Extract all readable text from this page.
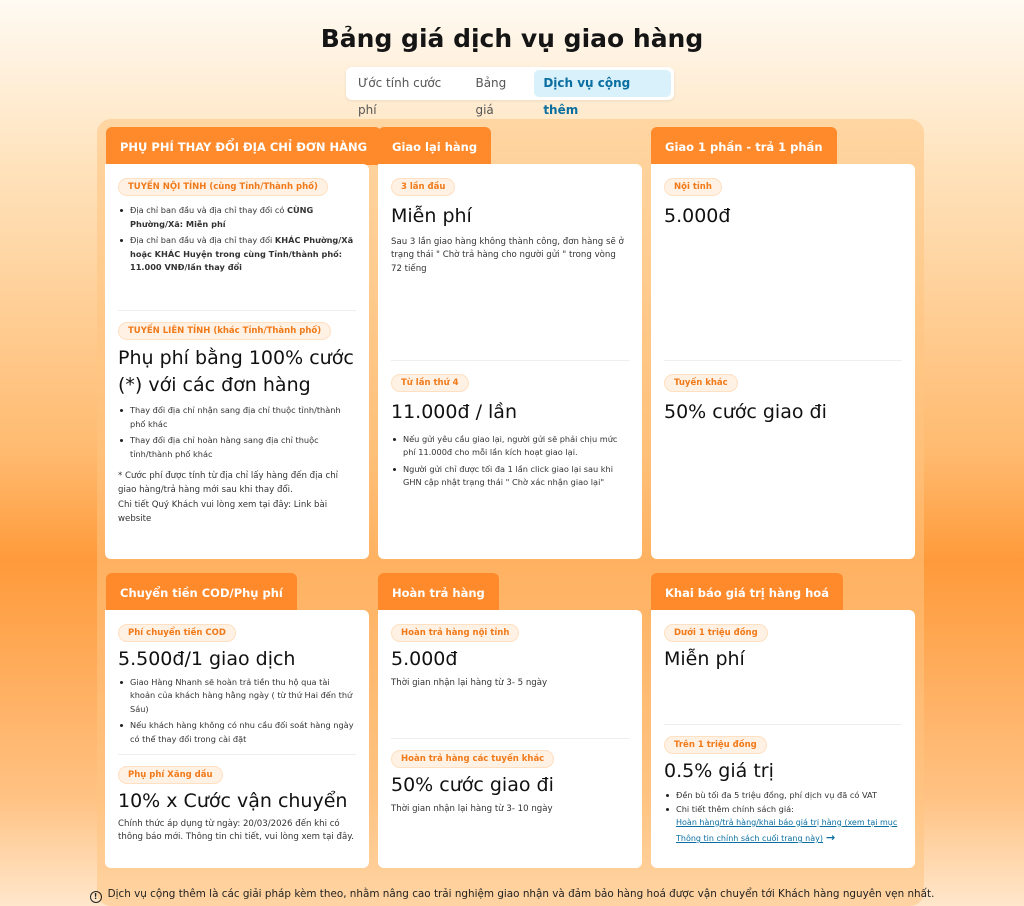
Bảng giá dịch vụ giao hàng
Ước tính cước phí
Bảng giá
Dịch vụ cộng thêm
PHỤ PHÍ THAY ĐỔI ĐỊA CHỈ ĐƠN HÀNG
TUYẾN NỘI TỈNH (cùng Tỉnh/Thành phố)
Địa chỉ ban đầu và địa chỉ thay đổi có CÙNG Phường/Xã: Miễn phí
Địa chỉ ban đầu và địa chỉ thay đổi KHÁC Phường/Xã hoặc KHÁC Huyện trong cùng Tỉnh/thành phố: 11.000 VNĐ/lần thay đổi
TUYẾN LIÊN TỈNH (khác Tỉnh/Thành phố)
Phụ phí bằng 100% cước (*) với các đơn hàng
Thay đổi địa chỉ nhận sang địa chỉ thuộc tỉnh/thành phố khác
Thay đổi địa chỉ hoàn hàng sang địa chỉ thuộc tỉnh/thành phố khác
* Cước phí được tính từ địa chỉ lấy hàng đến địa chỉ giao hàng/trả hàng mới sau khi thay đổi.
Chi tiết Quý Khách vui lòng xem tại đây: Link bài website
Giao lại hàng
3 lần đầu
Miễn phí
Sau 3 lần giao hàng không thành công, đơn hàng sẽ ở trạng thái " Chờ trả hàng cho người gửi " trong vòng 72 tiếng
Từ lần thứ 4
11.000đ / lần
Nếu gửi yêu cầu giao lại, người gửi sẽ phải chịu mức phí 11.000đ cho mỗi lần kích hoạt giao lại.
Người gửi chỉ được tối đa 1 lần click giao lại sau khi GHN cập nhật trạng thái " Chờ xác nhận giao lại"
Giao 1 phần - trả 1 phần
Nội tỉnh
5.000đ
Tuyến khác
50% cước giao đi
Chuyển tiền COD/Phụ phí
Phí chuyển tiền COD
5.500đ/1 giao dịch
Giao Hàng Nhanh sẽ hoàn trả tiền thu hộ qua tài khoản của khách hàng hằng ngày ( từ thứ Hai đến thứ Sáu)
Nếu khách hàng không có nhu cầu đối soát hàng ngày có thể thay đổi trong cài đặt
Phụ phí Xăng dầu
10% x Cước vận chuyển
Chính thức áp dụng từ ngày: 20/03/2026 đến khi có thông báo mới. Thông tin chi tiết, vui lòng xem tại đây.
Hoàn trả hàng
Hoàn trả hàng nội tỉnh
5.000đ
Thời gian nhận lại hàng từ 3- 5 ngày
Hoàn trả hàng các tuyến khác
50% cước giao đi
Thời gian nhận lại hàng từ 3- 10 ngày
Khai báo giá trị hàng hoá
Dưới 1 triệu đồng
Miễn phí
Trên 1 triệu đồng
0.5% giá trị
Đền bù tối đa 5 triệu đồng, phí dịch vụ đã có VAT
Chi tiết thêm chính sách giá:
Hoàn hàng/trả hàng/khai báo giá trị hàng (xem tại mục Thông tin chính sách cuối trang này) →
! Dịch vụ cộng thêm là các giải pháp kèm theo, nhằm nâng cao trải nghiệm giao nhận và đảm bảo hàng hoá được vận chuyển tới Khách hàng nguyên vẹn nhất.
